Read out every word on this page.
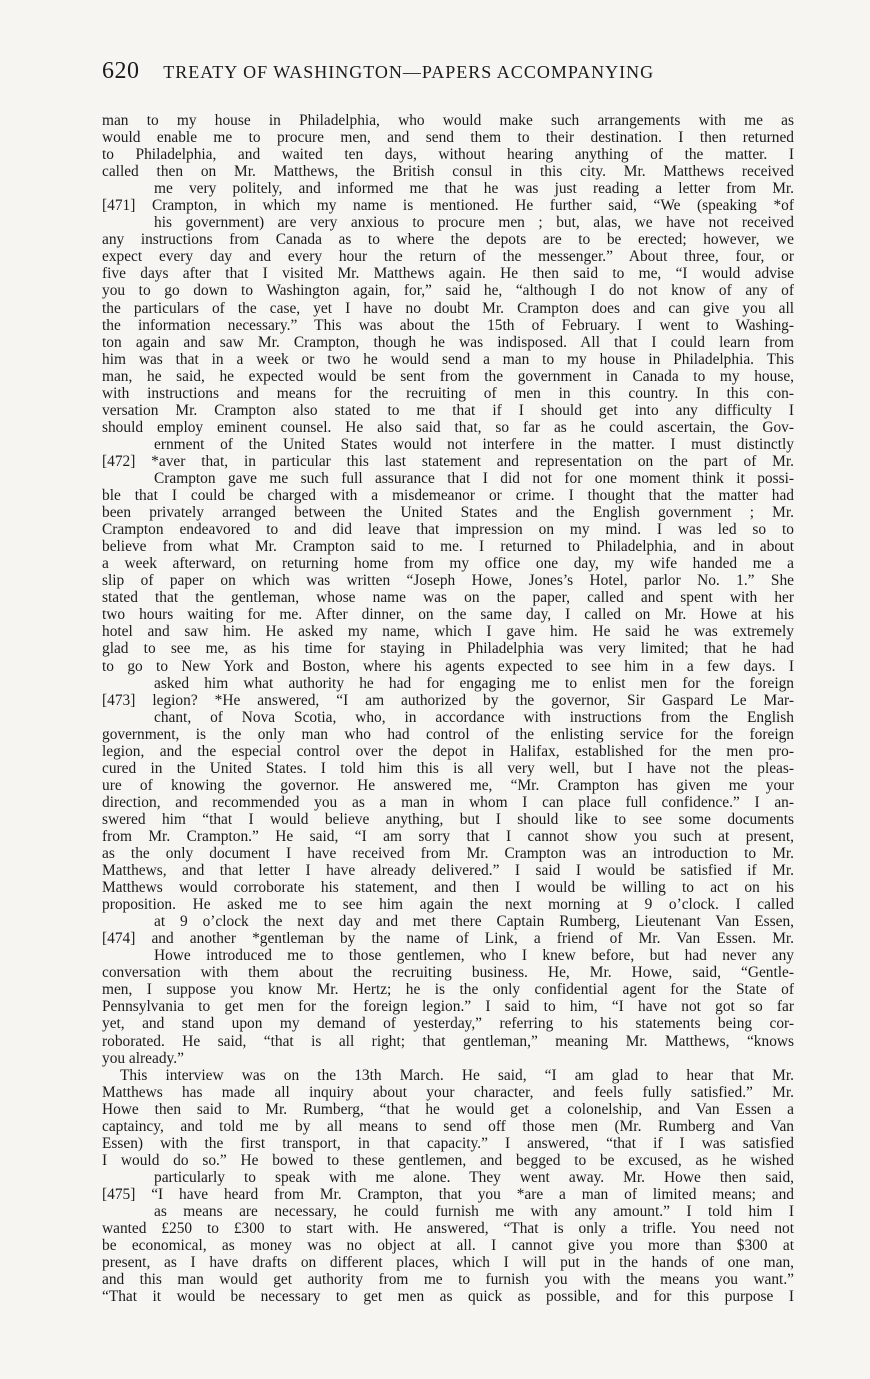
620 TREATY OF WASHINGTON—PAPERS ACCOMPANYING
man to my house in Philadelphia, who would make such arrangements with me as
would enable me to procure men, and send them to their destination. I then returned
to Philadelphia, and waited ten days, without hearing anything of the matter. I
called then on Mr. Matthews, the British consul in this city. Mr. Matthews received
me very politely, and informed me that he was just reading a letter from Mr.
[471] Crampton, in which my name is mentioned. He further said, “We (speaking *of
his government) are very anxious to procure men ; but, alas, we have not received
any instructions from Canada as to where the depots are to be erected; however, we
expect every day and every hour the return of the messenger.” About three, four, or
five days after that I visited Mr. Matthews again. He then said to me, “I would advise
you to go down to Washington again, for,” said he, “although I do not know of any of
the particulars of the case, yet I have no doubt Mr. Crampton does and can give you all
the information necessary.” This was about the 15th of February. I went to Washing-
ton again and saw Mr. Crampton, though he was indisposed. All that I could learn from
him was that in a week or two he would send a man to my house in Philadelphia. This
man, he said, he expected would be sent from the government in Canada to my house,
with instructions and means for the recruiting of men in this country. In this con-
versation Mr. Crampton also stated to me that if I should get into any difficulty I
should employ eminent counsel. He also said that, so far as he could ascertain, the Gov-
ernment of the United States would not interfere in the matter. I must distinctly
[472] *aver that, in particular this last statement and representation on the part of Mr.
Crampton gave me such full assurance that I did not for one moment think it possi-
ble that I could be charged with a misdemeanor or crime. I thought that the matter had
been privately arranged between the United States and the English government ; Mr.
Crampton endeavored to and did leave that impression on my mind. I was led so to
believe from what Mr. Crampton said to me. I returned to Philadelphia, and in about
a week afterward, on returning home from my office one day, my wife handed me a
slip of paper on which was written “Joseph Howe, Jones’s Hotel, parlor No. 1.” She
stated that the gentleman, whose name was on the paper, called and spent with her
two hours waiting for me. After dinner, on the same day, I called on Mr. Howe at his
hotel and saw him. He asked my name, which I gave him. He said he was extremely
glad to see me, as his time for staying in Philadelphia was very limited; that he had
to go to New York and Boston, where his agents expected to see him in a few days. I
asked him what authority he had for engaging me to enlist men for the foreign
[473] legion? *He answered, “I am authorized by the governor, Sir Gaspard Le Mar-
chant, of Nova Scotia, who, in accordance with instructions from the English
government, is the only man who had control of the enlisting service for the foreign
legion, and the especial control over the depot in Halifax, established for the men pro-
cured in the United States. I told him this is all very well, but I have not the pleas-
ure of knowing the governor. He answered me, “Mr. Crampton has given me your
direction, and recommended you as a man in whom I can place full confidence.” I an-
swered him “that I would believe anything, but I should like to see some documents
from Mr. Crampton.” He said, “I am sorry that I cannot show you such at present,
as the only document I have received from Mr. Crampton was an introduction to Mr.
Matthews, and that letter I have already delivered.” I said I would be satisfied if Mr.
Matthews would corroborate his statement, and then I would be willing to act on his
proposition. He asked me to see him again the next morning at 9 o’clock. I called
at 9 o’clock the next day and met there Captain Rumberg, Lieutenant Van Essen,
[474] and another *gentleman by the name of Link, a friend of Mr. Van Essen. Mr.
Howe introduced me to those gentlemen, who I knew before, but had never any
conversation with them about the recruiting business. He, Mr. Howe, said, “Gentle-
men, I suppose you know Mr. Hertz; he is the only confidential agent for the State of
Pennsylvania to get men for the foreign legion.” I said to him, “I have not got so far
yet, and stand upon my demand of yesterday,” referring to his statements being cor-
roborated. He said, “that is all right; that gentleman,” meaning Mr. Matthews, “knows
you already.”
This interview was on the 13th March. He said, “I am glad to hear that Mr.
Matthews has made all inquiry about your character, and feels fully satisfied.” Mr.
Howe then said to Mr. Rumberg, “that he would get a colonelship, and Van Essen a
captaincy, and told me by all means to send off those men (Mr. Rumberg and Van
Essen) with the first transport, in that capacity.” I answered, “that if I was satisfied
I would do so.” He bowed to these gentlemen, and begged to be excused, as he wished
particularly to speak with me alone. They went away. Mr. Howe then said,
[475] “I have heard from Mr. Crampton, that you *are a man of limited means; and
as means are necessary, he could furnish me with any amount.” I told him I
wanted £250 to £300 to start with. He answered, “That is only a trifle. You need not
be economical, as money was no object at all. I cannot give you more than $300 at
present, as I have drafts on different places, which I will put in the hands of one man,
and this man would get authority from me to furnish you with the means you want.”
“That it would be necessary to get men as quick as possible, and for this purpose I
